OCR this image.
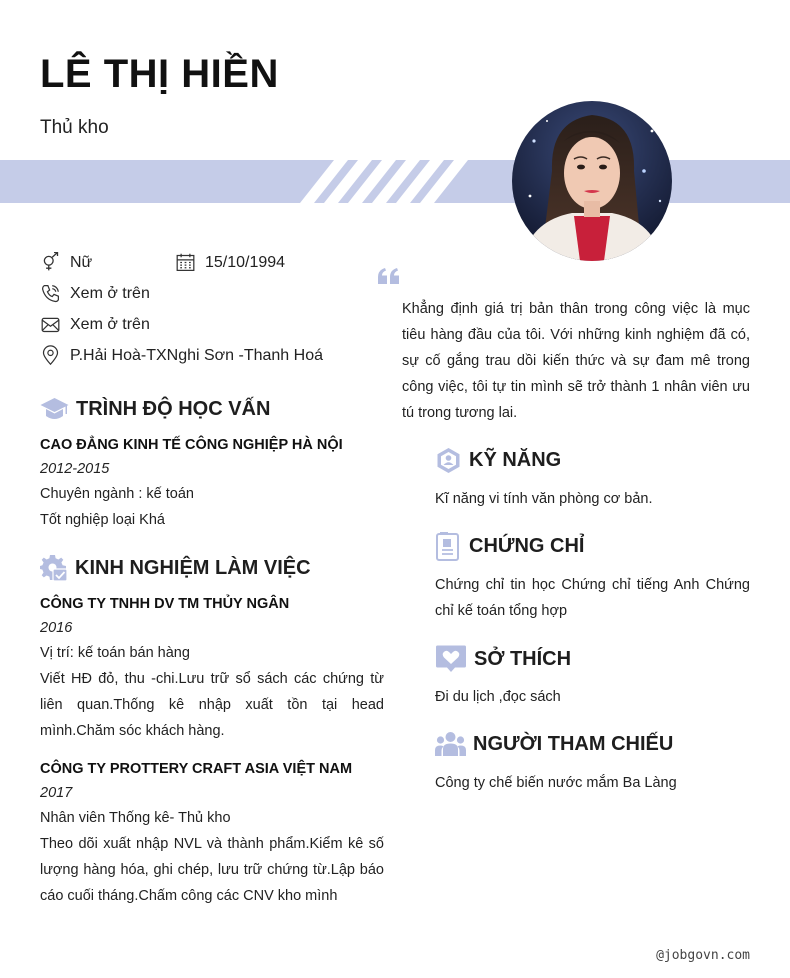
LÊ THỊ HIỀN
Thủ kho
Nữ	15/10/1994
Xem ở trên
Xem ở trên
P.Hải Hoà-TXNghi Sơn -Thanh Hoá
Khẳng định giá trị bản thân trong công việc là mục tiêu hàng đầu của tôi. Với những kinh nghiệm đã có, sự cố gắng trau dồi kiến thức và sự đam mê trong công việc, tôi tự tin mình sẽ trở thành 1 nhân viên ưu tú trong tương lai.
TRÌNH ĐỘ HỌC VẤN
CAO ĐẲNG KINH TẾ CÔNG NGHIỆP HÀ NỘI
2012-2015
Chuyên ngành : kế toán
Tốt nghiệp loại Khá
KINH NGHIỆM LÀM VIỆC
CÔNG TY TNHH DV TM THỦY NGÂN
2016
Vị trí: kế toán bán hàng
Viết HĐ đỏ, thu -chi.Lưu trữ sổ sách các chứng từ liên quan.Thống kê nhập xuất tồn tại head mình.Chăm sóc khách hàng.
CÔNG TY PROTTERY CRAFT ASIA VIỆT NAM
2017
Nhân viên Thống kê- Thủ kho
Theo dõi xuất nhập NVL và thành phẩm.Kiểm kê số lượng hàng hóa, ghi chép, lưu trữ chứng từ.Lập báo cáo cuối tháng.Chấm công các CNV kho mình
KỸ NĂNG
Kĩ năng vi tính văn phòng cơ bản.
CHỨNG CHỈ
Chứng chỉ tin học Chứng chỉ tiếng Anh Chứng chỉ kế toán tổng hợp
SỞ THÍCH
Đi du lịch ,đọc sách
NGƯỜI THAM CHIẾU
Công ty chế biến nước mắm Ba Làng
@jobgovn.com
